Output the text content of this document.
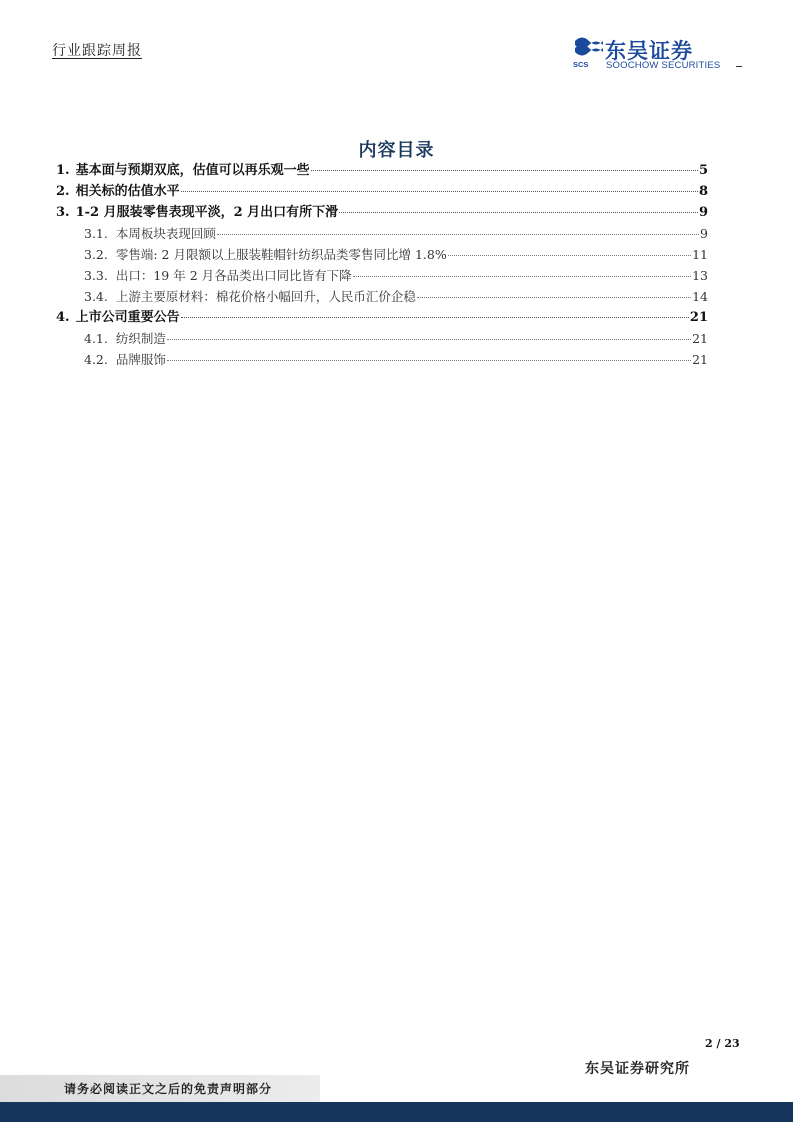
行业跟踪周报	东吴证券
SCS SOOCHOW SECURITIES
内容目录
1. 基本面与预期双底，估值可以再乐观一些	5
2. 相关标的估值水平	8
3. 1-2 月服装零售表现平淡，2 月出口有所下滑	9
3.1. 本周板块表现回顾	9
3.2. 零售端: 2 月限额以上服装鞋帽针纺织品类零售同比增 1.8%	11
3.3. 出口：19 年 2 月各品类出口同比皆有下降	13
3.4. 上游主要原材料：棉花价格小幅回升，人民币汇价企稳	14
4. 上市公司重要公告	21
4.1. 纺织制造	21
4.2. 品牌服饰	21
2 / 23
东吴证券研究所
请务必阅读正文之后的免责声明部分
